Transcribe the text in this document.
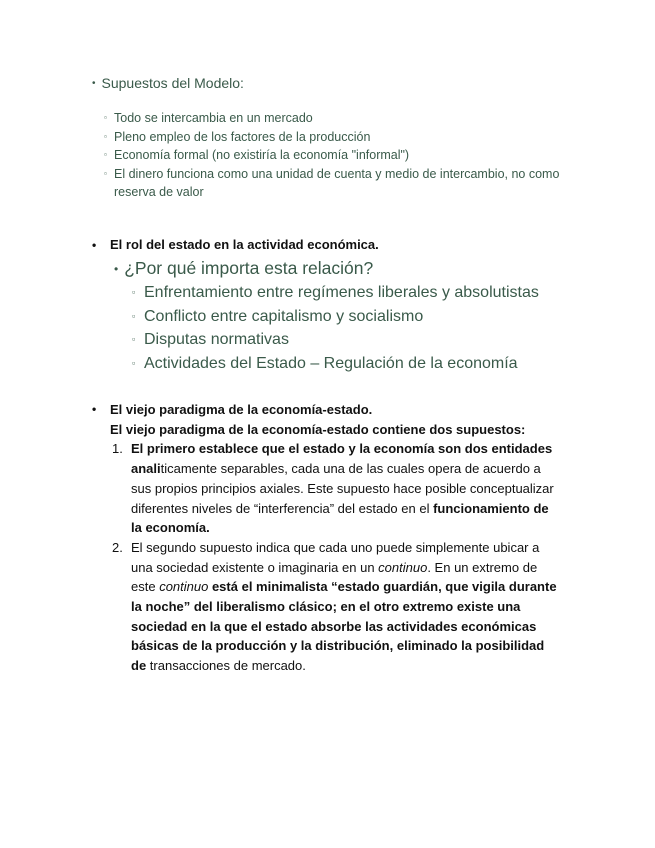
• Supuestos del Modelo:
▫ Todo se intercambia en un mercado
▫ Pleno empleo de los factores de la producción
▫ Economía formal (no existiría la economía "informal")
▫ El dinero funciona como una unidad de cuenta y medio de intercambio, no como reserva de valor
•	El rol del estado en la actividad económica.
• ¿Por qué importa esta relación?
▫ Enfrentamiento entre regímenes liberales y absolutistas
▫ Conflicto entre capitalismo y socialismo
▫ Disputas normativas
▫ Actividades del Estado – Regulación de la economía
•	El viejo paradigma de la economía-estado.
El viejo paradigma de la economía-estado contiene dos supuestos:
1. El primero establece que el estado y la economía son dos entidades analiticamente separables, cada una de las cuales opera de acuerdo a sus propios principios axiales. Este supuesto hace posible conceptualizar diferentes niveles de “interferencia” del estado en el funcionamiento de la economía.
2. El segundo supuesto indica que cada uno puede simplemente ubicar a una sociedad existente o imaginaria en un continuo. En un extremo de este continuo está el minimalista “estado guardián, que vigila durante la noche” del liberalismo clásico; en el otro extremo existe una sociedad en la que el estado absorbe las actividades económicas básicas de la producción y la distribución, eliminado la posibilidad de transacciones de mercado.
